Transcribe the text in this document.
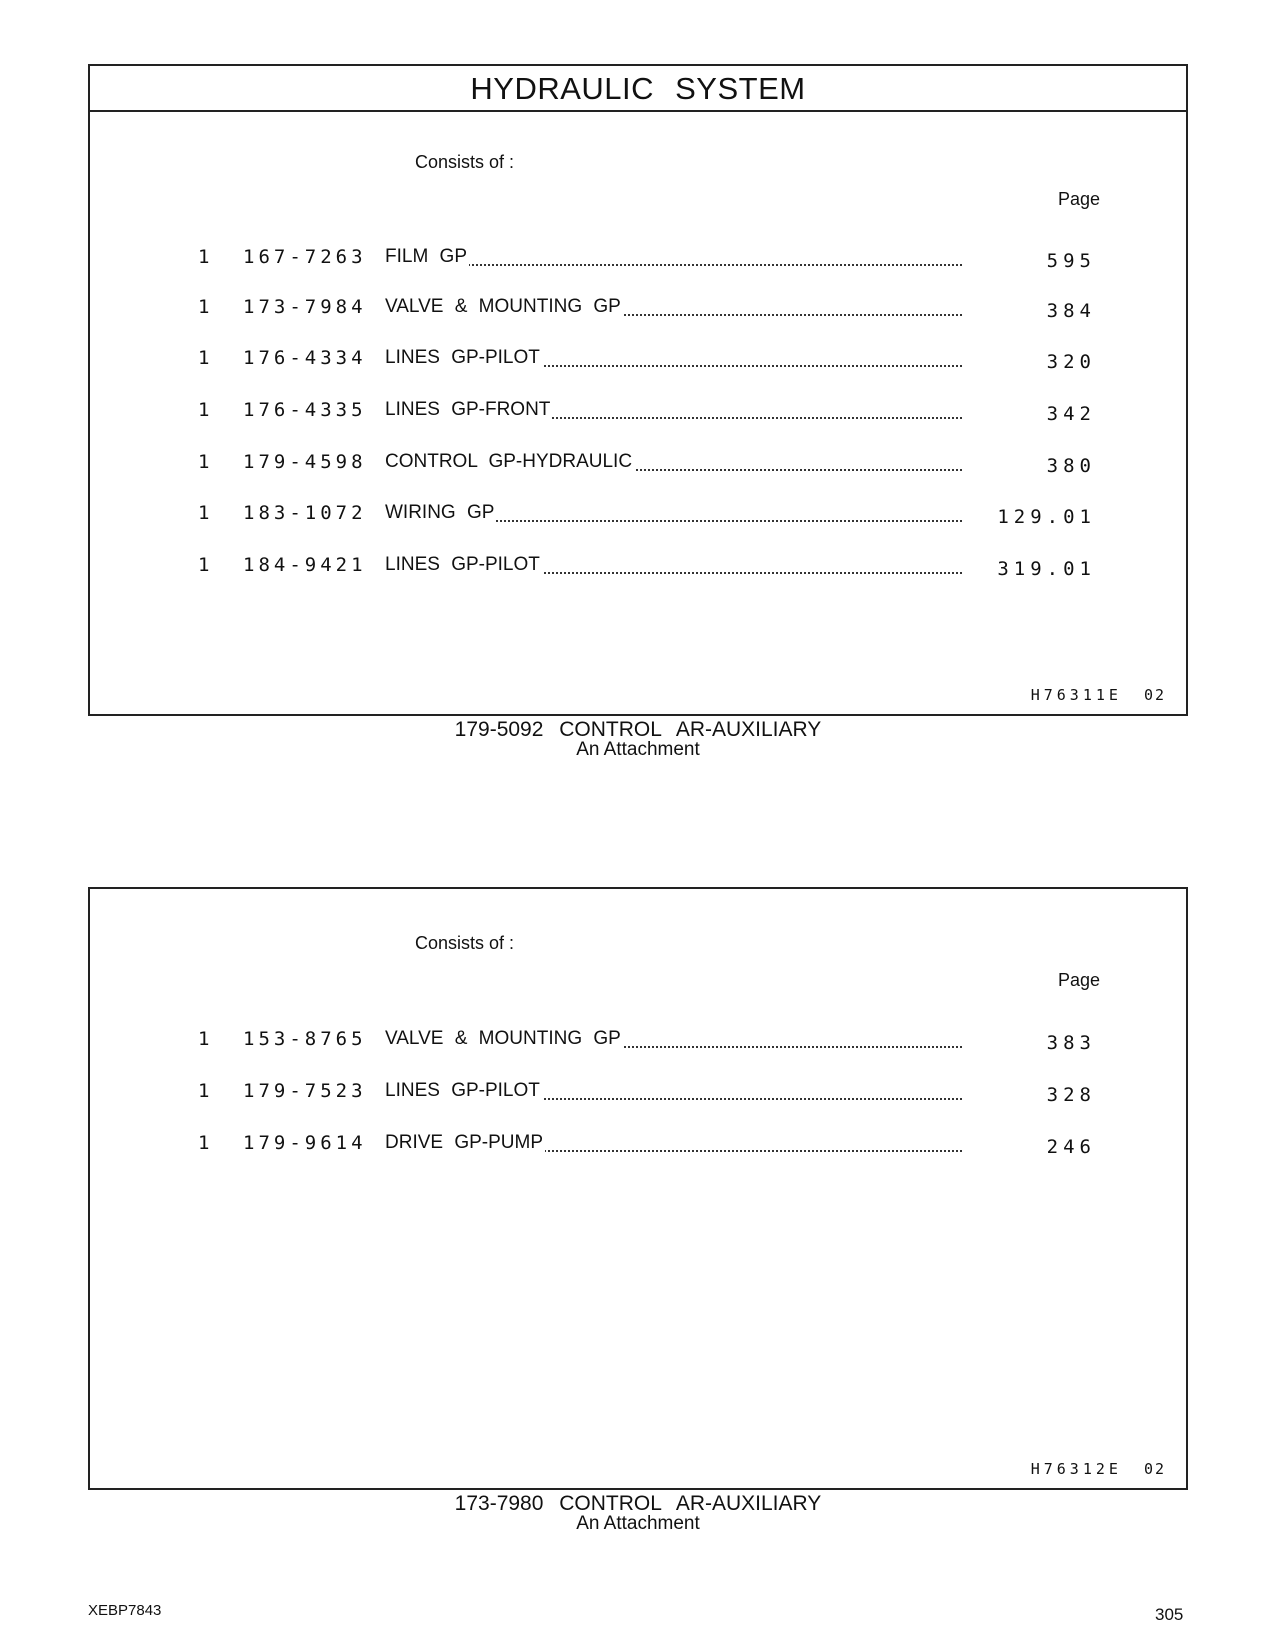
HYDRAULIC SYSTEM
Consists of :
Page
1 167-7263 FILM GP	595
1 173-7984 VALVE & MOUNTING GP	384
1 176-4334 LINES GP-PILOT	320
1 176-4335 LINES GP-FRONT	342
1 179-4598 CONTROL GP-HYDRAULIC	380
1 183-1072 WIRING GP	129.01
1 184-9421 LINES GP-PILOT	319.01
H76311E 02
179-5092 CONTROL AR-AUXILIARY
An Attachment
Consists of :
Page
1 153-8765 VALVE & MOUNTING GP	383
1 179-7523 LINES GP-PILOT	328
1 179-9614 DRIVE GP-PUMP	246
H76312E 02
173-7980 CONTROL AR-AUXILIARY
An Attachment
XEBP7843	305
